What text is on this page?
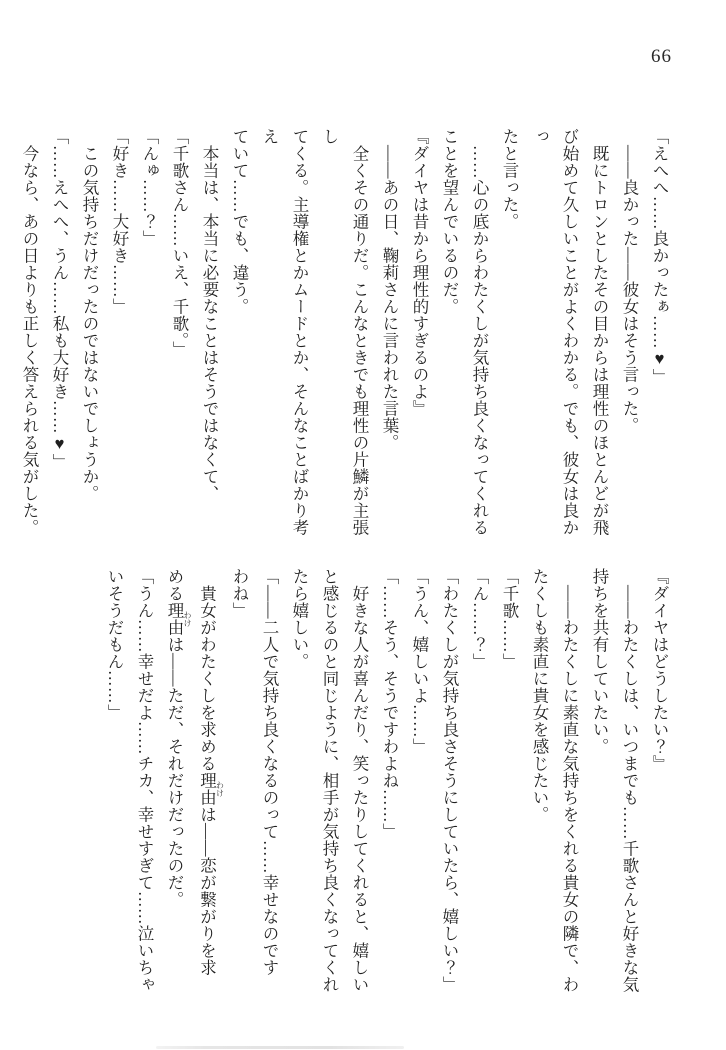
66

「えへへ……良かったぁ……♥」

――良かった――彼女はそう言った。

既にトロンとしたその目からは理性のほとんどが飛

び始めて久しいことがよくわかる。でも、彼女は良かっ

たと言った。

……心の底からわたくしが気持ち良くなってくれる

ことを望んでいるのだ。

『ダイヤは昔から理性的すぎるのよ』

――あの日、鞠莉さんに言われた言葉。

全くその通りだ。こんなときでも理性の片鱗が主張し

てくる。主導権とかムードとか、そんなことばかり考え

ていて……でも、違う。

本当は、本当に必要なことはそうではなくて、

「千歌さん……いえ、千歌。」

「んゅ……？」

「好き……大好き……」

この気持ちだけだったのではないでしょうか。

「……えへへ、うん……私も大好き……♥」

今なら、あの日よりも正しく答えられる気がした。

『ダイヤはどうしたい？』

――わたくしは、いつまでも……千歌さんと好きな気

持ちを共有していたい。

――わたくしに素直な気持ちをくれる貴女の隣で、わ

たくしも素直に貴女を感じたい。

「千歌……」

「ん……？」

「わたくしが気持ち良さそうにしていたら、嬉しい？」

「うん、嬉しいよ……」

「……そう、そうですわよね……」

好きな人が喜んだり、笑ったりしてくれると、嬉しい

と感じるのと同じように、相手が気持ち良くなってくれ

たら嬉しい。

「――二人で気持ち良くなるのって……幸せなのです

わね」

貴女がわたくしを求める理由 わけは――恋が繋がりを求

める理由 わけは――ただ、それだけだったのだ。

「うん……幸せだよ……チカ、幸せすぎて……泣いちゃ

いそうだもん……」
